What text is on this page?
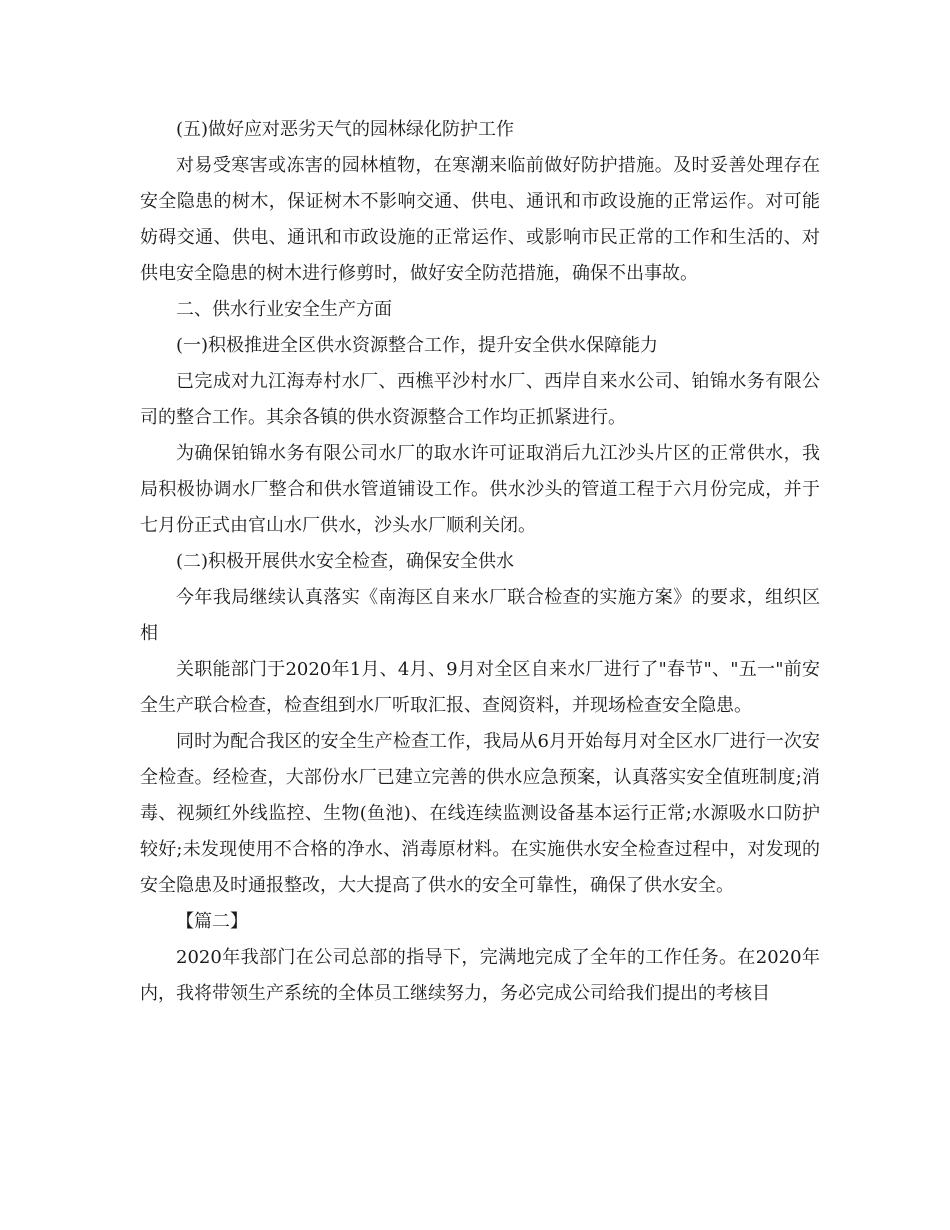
(五)做好应对恶劣天气的园林绿化防护工作

对易受寒害或冻害的园林植物，在寒潮来临前做好防护措施。及时妥善处理存在安全隐患的树木，保证树木不影响交通、供电、通讯和市政设施的正常运作。对可能妨碍交通、供电、通讯和市政设施的正常运作、或影响市民正常的工作和生活的、对供电安全隐患的树木进行修剪时，做好安全防范措施，确保不出事故。

二、供水行业安全生产方面

(一)积极推进全区供水资源整合工作，提升安全供水保障能力

已完成对九江海寿村水厂、西樵平沙村水厂、西岸自来水公司、铂锦水务有限公司的整合工作。其余各镇的供水资源整合工作均正抓紧进行。

为确保铂锦水务有限公司水厂的取水许可证取消后九江沙头片区的正常供水，我局积极协调水厂整合和供水管道铺设工作。供水沙头的管道工程于六月份完成，并于七月份正式由官山水厂供水，沙头水厂顺利关闭。

(二)积极开展供水安全检查，确保安全供水

今年我局继续认真落实《南海区自来水厂联合检查的实施方案》的要求，组织区相

关职能部门于2020年1月、4月、9月对全区自来水厂进行了"春节"、"五一"前安全生产联合检查，检查组到水厂听取汇报、查阅资料，并现场检查安全隐患。

同时为配合我区的安全生产检查工作，我局从6月开始每月对全区水厂进行一次安全检查。经检查，大部份水厂已建立完善的供水应急预案，认真落实安全值班制度;消毒、视频红外线监控、生物(鱼池)、在线连续监测设备基本运行正常;水源吸水口防护较好;未发现使用不合格的净水、消毒原材料。在实施供水安全检查过程中，对发现的安全隐患及时通报整改，大大提高了供水的安全可靠性，确保了供水安全。

【篇二】

2020年我部门在公司总部的指导下，完满地完成了全年的工作任务。在2020年内，我将带领生产系统的全体员工继续努力，务必完成公司给我们提出的考核目
